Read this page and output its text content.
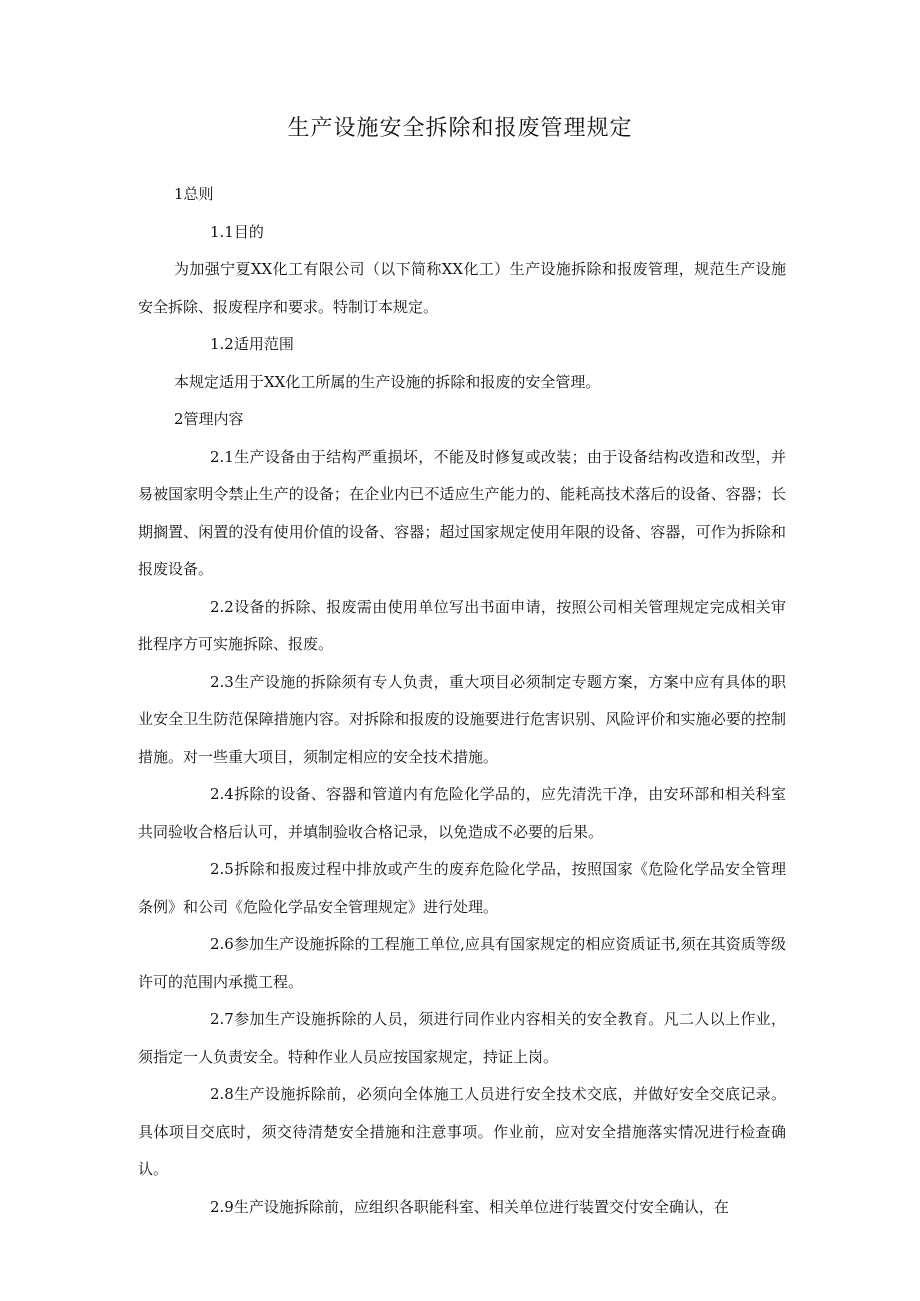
生产设施安全拆除和报废管理规定

1总则

1.1目的

为加强宁夏XX化工有限公司（以下简称XX化工）生产设施拆除和报废管理，规范生产设施安全拆除、报废程序和要求。特制订本规定。

1.2适用范围

本规定适用于XX化工所属的生产设施的拆除和报废的安全管理。

2管理内容

2.1生产设备由于结构严重损坏，不能及时修复或改装；由于设备结构改造和改型，并易被国家明令禁止生产的设备；在企业内已不适应生产能力的、能耗高技术落后的设备、容器；长期搁置、闲置的没有使用价值的设备、容器；超过国家规定使用年限的设备、容器，可作为拆除和报废设备。

2.2设备的拆除、报废需由使用单位写出书面申请，按照公司相关管理规定完成相关审批程序方可实施拆除、报废。

2.3生产设施的拆除须有专人负责，重大项目必须制定专题方案，方案中应有具体的职业安全卫生防范保障措施内容。对拆除和报废的设施要进行危害识别、风险评价和实施必要的控制措施。对一些重大项目，须制定相应的安全技术措施。

2.4拆除的设备、容器和管道内有危险化学品的，应先清洗干净，由安环部和相关科室共同验收合格后认可，并填制验收合格记录，以免造成不必要的后果。

2.5拆除和报废过程中排放或产生的废弃危险化学品，按照国家《危险化学品安全管理条例》和公司《危险化学品安全管理规定》进行处理。

2.6参加生产设施拆除的工程施工单位,应具有国家规定的相应资质证书,须在其资质等级许可的范围内承揽工程。

2.7参加生产设施拆除的人员，须进行同作业内容相关的安全教育。凡二人以上作业，须指定一人负责安全。特种作业人员应按国家规定，持证上岗。

2.8生产设施拆除前，必须向全体施工人员进行安全技术交底，并做好安全交底记录。具体项目交底时，须交待清楚安全措施和注意事项。作业前，应对安全措施落实情况进行检查确认。

2.9生产设施拆除前，应组织各职能科室、相关单位进行装置交付安全确认，在
